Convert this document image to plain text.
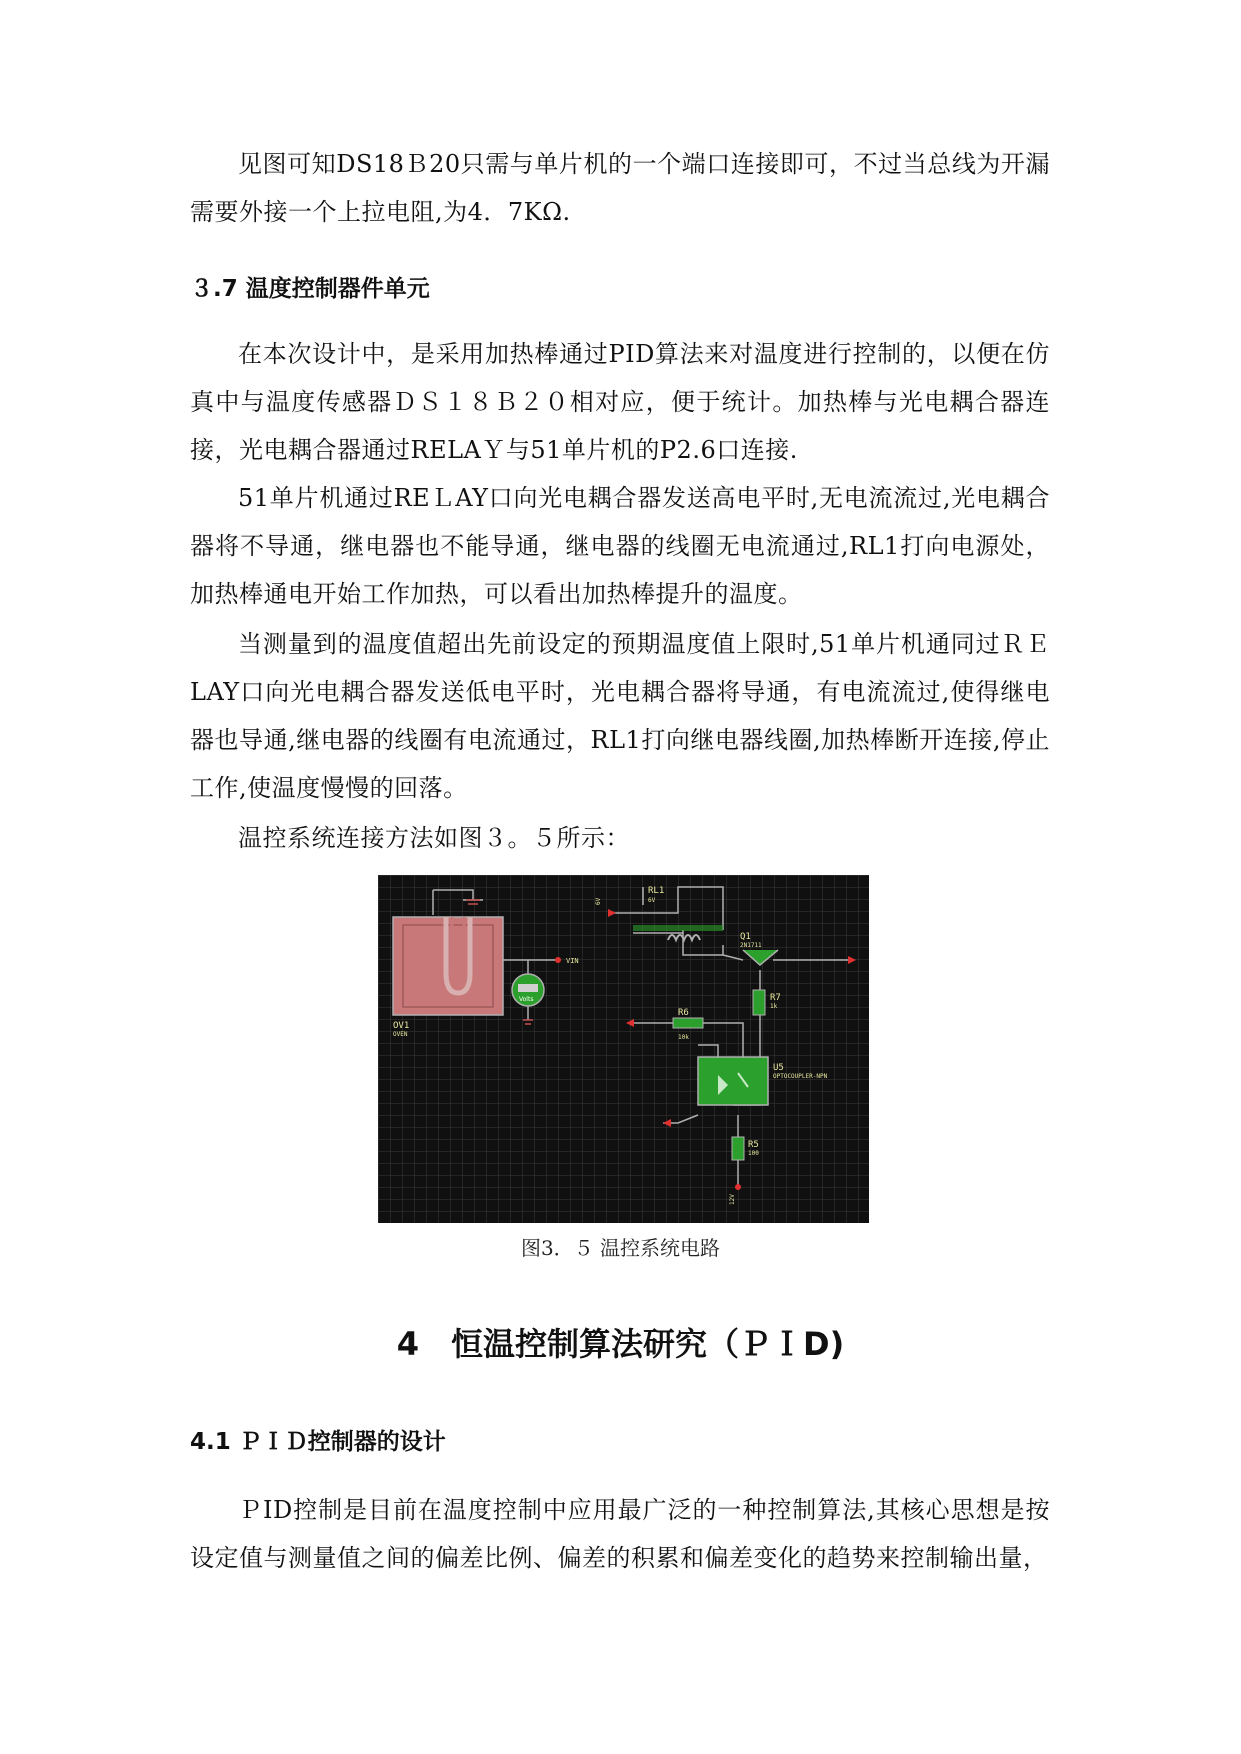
见图可知DS18Ｂ20只需与单片机的一个端口连接即可，不过当总线为开漏需要外接一个上拉电阻,为4．7KΩ.

３.7 温度控制器件单元

在本次设计中，是采用加热棒通过PID算法来对温度进行控制的，以便在仿真中与温度传感器ＤＳ１８Ｂ２０相对应，便于统计。加热棒与光电耦合器连接，光电耦合器通过RELAＹ与51单片机的P2.6口连接.

51单片机通过REＬAY口向光电耦合器发送高电平时,无电流流过,光电耦合器将不导通，继电器也不能导通，继电器的线圈无电流通过,RL1打向电源处，加热棒通电开始工作加热，可以看出加热棒提升的温度。

当测量到的温度值超出先前设定的预期温度值上限时,51单片机通同过ＲＥLAY口向光电耦合器发送低电平时，光电耦合器将导通，有电流流过,使得继电器也导通,继电器的线圈有电流通过，RL1打向继电器线圈,加热棒断开连接,停止工作,使温度慢慢的回落。

温控系统连接方法如图３。５所示：

RL1
6V
Q1
2N1711
R7
1k
R6
10k
U5
OPTOCOUPLER-NPN
R5
100
OV1
OVEN
VIN
Volts
6V
12V

图3．５ 温控系统电路

4　恒温控制算法研究（ＰＩD)
4.1 ＰＩＤ控制器的设计

ＰID控制是目前在温度控制中应用最广泛的一种控制算法,其核心思想是按设定值与测量值之间的偏差比例、偏差的积累和偏差变化的趋势来控制输出量，
